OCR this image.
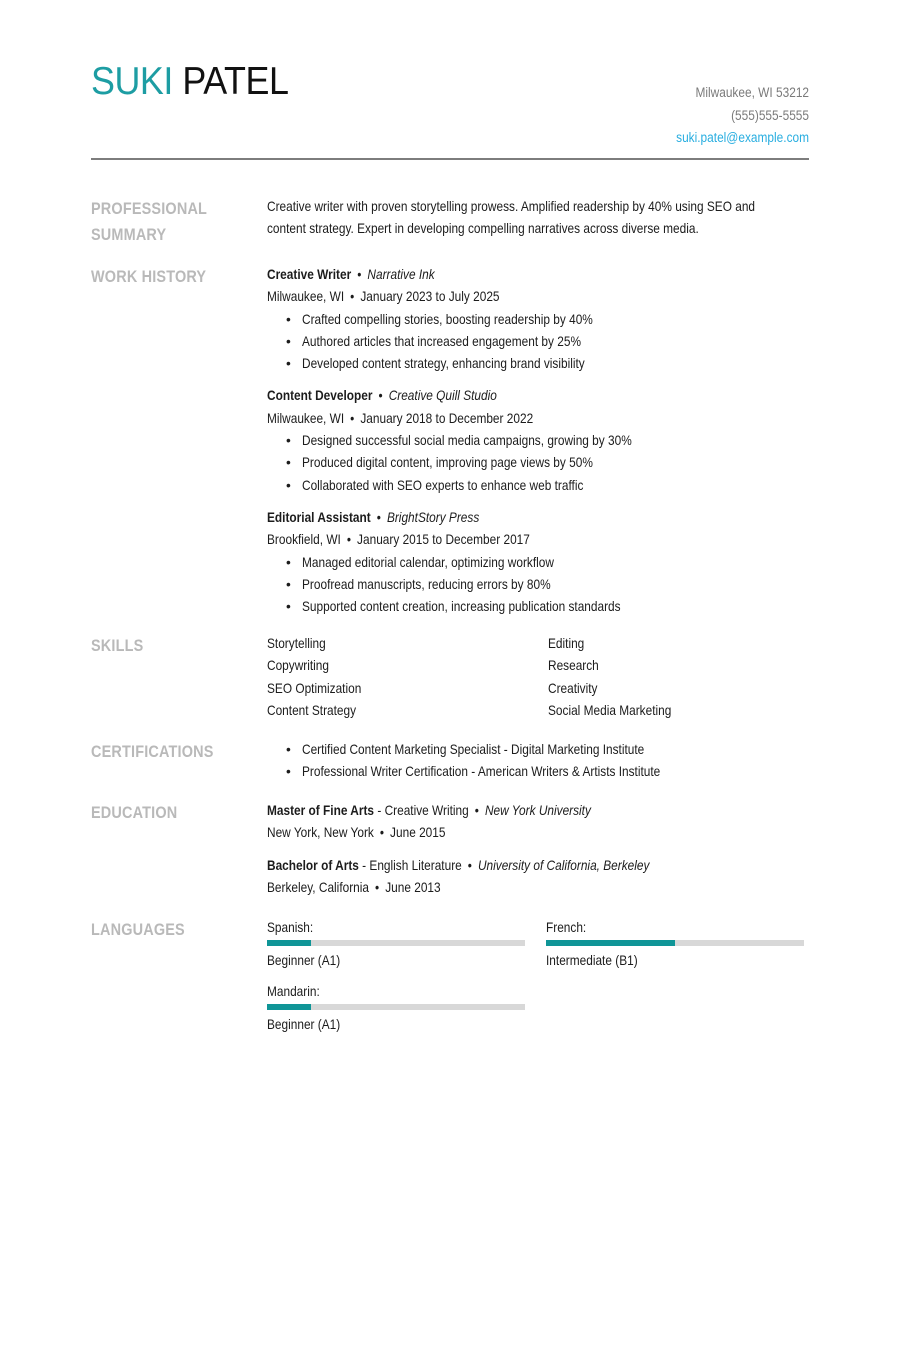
SUKI PATEL	Milwaukee, WI 53212
(555)555-5555
suki.patel@example.com
PROFESSIONAL
SUMMARY
Creative writer with proven storytelling prowess. Amplified readership by 40% using SEO and
content strategy. Expert in developing compelling narratives across diverse media.
WORK HISTORY	Creative Writer • Narrative Ink
Milwaukee, WI • January 2023 to July 2025
• Crafted compelling stories, boosting readership by 40%
• Authored articles that increased engagement by 25%
• Developed content strategy, enhancing brand visibility
Content Developer • Creative Quill Studio
Milwaukee, WI • January 2018 to December 2022
• Designed successful social media campaigns, growing by 30%
• Produced digital content, improving page views by 50%
• Collaborated with SEO experts to enhance web traffic
Editorial Assistant • BrightStory Press
Brookfield, WI • January 2015 to December 2017
• Managed editorial calendar, optimizing workflow
• Proofread manuscripts, reducing errors by 80%
• Supported content creation, increasing publication standards
SKILLS	Storytelling	Editing
Copywriting	Research
SEO Optimization	Creativity
Content Strategy	Social Media Marketing
CERTIFICATIONS	• Certified Content Marketing Specialist - Digital Marketing Institute
• Professional Writer Certification - American Writers & Artists Institute
EDUCATION	Master of Fine Arts - Creative Writing • New York University
New York, New York • June 2015
Bachelor of Arts - English Literature • University of California, Berkeley
Berkeley, California • June 2013
LANGUAGES	Spanish:
Beginner (A1)
French:
Intermediate (B1)
Mandarin:
Beginner (A1)
